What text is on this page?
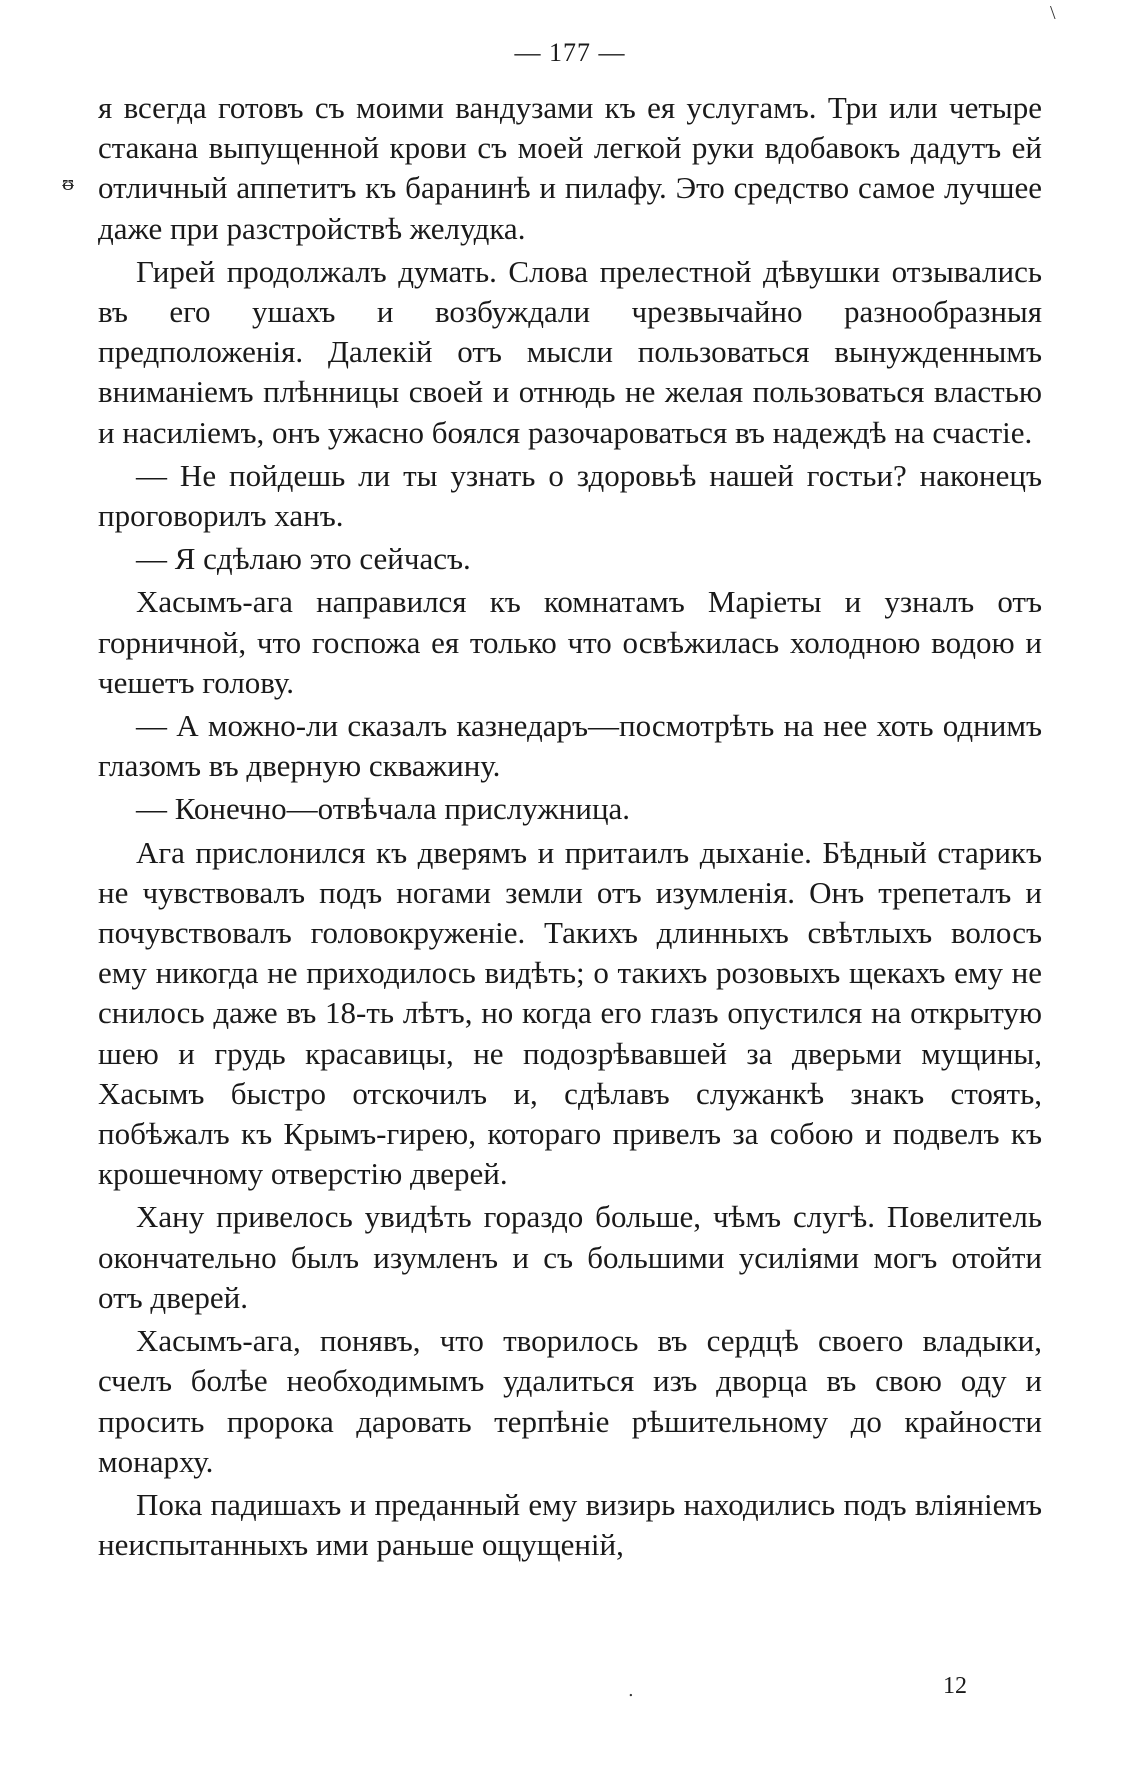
\
— 177 —
ᵿ

я всегда готовъ съ моими вандузами къ ея услугамъ. Три или четыре стакана выпущенной крови съ моей легкой руки вдобавокъ дадутъ ей отличный аппетитъ къ баранинѣ и пилафу. Это средство самое лучшее даже при разстройствѣ желудка.

Гирей продолжалъ думать. Слова прелестной дѣвушки отзывались въ его ушахъ и возбуждали чрезвычайно разнообразныя предположенія. Далекій отъ мысли пользоваться вынужденнымъ вниманіемъ плѣнницы своей и отнюдь не желая пользоваться властью и насиліемъ, онъ ужасно боялся разочароваться въ надеждѣ на счастіе.

— Не пойдешь ли ты узнать о здоровьѣ нашей гостьи? наконецъ проговорилъ ханъ.

— Я сдѣлаю это сейчасъ.

Хасымъ-ага направился къ комнатамъ Маріеты и узналъ отъ горничной, что госпожа ея только что освѣжилась холодною водою и чешетъ голову.

— А можно-ли сказалъ казнедаръ—посмотрѣть на нее хоть однимъ глазомъ въ дверную скважину.

— Конечно—отвѣчала прислужница.

Ага прислонился къ дверямъ и притаилъ дыханіе. Бѣдный старикъ не чувствовалъ подъ ногами земли отъ изумленія. Онъ трепеталъ и почувствовалъ головокруженіе. Такихъ длинныхъ свѣтлыхъ волосъ ему никогда не приходилось видѣть; о такихъ розовыхъ щекахъ ему не снилось даже въ 18-ть лѣтъ, но когда его глазъ опустился на открытую шею и грудь красавицы, не подозрѣвавшей за дверьми мущины, Хасымъ быстро отскочилъ и, сдѣлавъ служанкѣ знакъ стоять, побѣжалъ къ Крымъ-гирею, котораго привелъ за собою и подвелъ къ крошечному отверстію дверей.

Хану привелось увидѣть гораздо больше, чѣмъ слугѣ. Повелитель окончательно былъ изумленъ и съ большими усиліями могъ отойти отъ дверей.

Хасымъ-ага, понявъ, что творилось въ сердцѣ своего владыки, счелъ болѣе необходимымъ удалиться изъ дворца въ свою оду и просить пророка даровать терпѣніе рѣшительному до крайности монарху.

Пока падишахъ и преданный ему визирь находились подъ вліяніемъ неиспытанныхъ ими раньше ощущеній,

.	12
